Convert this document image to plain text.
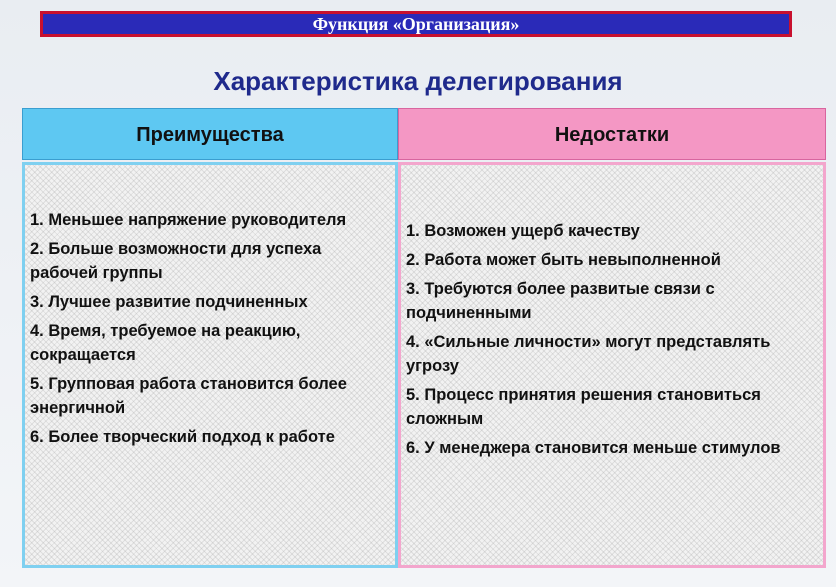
Функция «Организация»
Характеристика делегирования
Преимущества	Недостатки
1. Меньшее напряжение руководителя
2. Больше возможности для успеха рабочей группы
3. Лучшее развитие подчиненных
4. Время, требуемое на реакцию, сокращается
5. Групповая работа становится более энергичной
6. Более творческий подход к работе
1. Возможен ущерб качеству
2. Работа может быть невыполненной
3. Требуются более развитые связи с подчиненными
4. «Сильные личности» могут представлять угрозу
5. Процесс принятия решения становиться сложным
6. У менеджера становится меньше стимулов
